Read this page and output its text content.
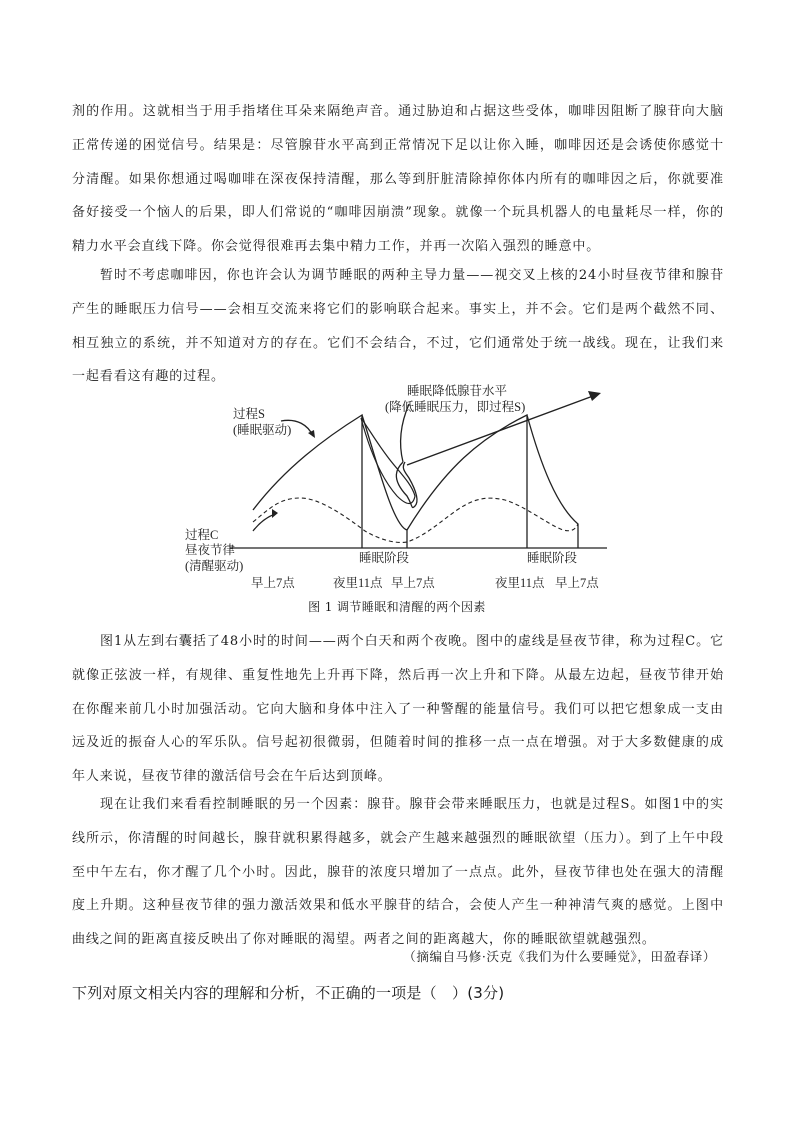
剂的作用。这就相当于用手指堵住耳朵来隔绝声音。通过胁迫和占据这些受体，咖啡因阻断了腺苷向大脑正常传递的困觉信号。结果是：尽管腺苷水平高到正常情况下足以让你入睡，咖啡因还是会诱使你感觉十分清醒。如果你想通过喝咖啡在深夜保持清醒，那么等到肝脏清除掉你体内所有的咖啡因之后，你就要准备好接受一个恼人的后果，即人们常说的“咖啡因崩溃”现象。就像一个玩具机器人的电量耗尽一样，你的精力水平会直线下降。你会觉得很难再去集中精力工作，并再一次陷入强烈的睡意中。

暂时不考虑咖啡因，你也许会认为调节睡眠的两种主导力量——视交叉上核的24小时昼夜节律和腺苷产生的睡眠压力信号——会相互交流来将它们的影响联合起来。事实上，并不会。它们是两个截然不同、相互独立的系统，并不知道对方的存在。它们不会结合，不过，它们通常处于统一战线。现在，让我们来一起看看这有趣的过程。

过程S
(睡眠驱动)
睡眠降低腺苷水平
(降低睡眠压力，即过程S)
过程C
昼夜节律
(清醒驱动)
睡眠阶段	睡眠阶段
早上7点	夜里11点 早上7点	夜里11点 早上7点
图 1 调节睡眠和清醒的两个因素

图1从左到右囊括了48小时的时间——两个白天和两个夜晚。图中的虚线是昼夜节律，称为过程C。它就像正弦波一样，有规律、重复性地先上升再下降，然后再一次上升和下降。从最左边起，昼夜节律开始在你醒来前几小时加强活动。它向大脑和身体中注入了一种警醒的能量信号。我们可以把它想象成一支由远及近的振奋人心的军乐队。信号起初很微弱，但随着时间的推移一点一点在增强。对于大多数健康的成年人来说，昼夜节律的激活信号会在午后达到顶峰。

现在让我们来看看控制睡眠的另一个因素：腺苷。腺苷会带来睡眠压力，也就是过程S。如图1中的实线所示，你清醒的时间越长，腺苷就积累得越多，就会产生越来越强烈的睡眠欲望（压力）。到了上午中段至中午左右，你才醒了几个小时。因此，腺苷的浓度只增加了一点点。此外，昼夜节律也处在强大的清醒度上升期。这种昼夜节律的强力激活效果和低水平腺苷的结合，会使人产生一种神清气爽的感觉。上图中曲线之间的距离直接反映出了你对睡眠的渴望。两者之间的距离越大，你的睡眠欲望就越强烈。

（摘编自马修·沃克《我们为什么要睡觉》，田盈春译）
下列对原文相关内容的理解和分析，不正确的一项是（　）(3分)
